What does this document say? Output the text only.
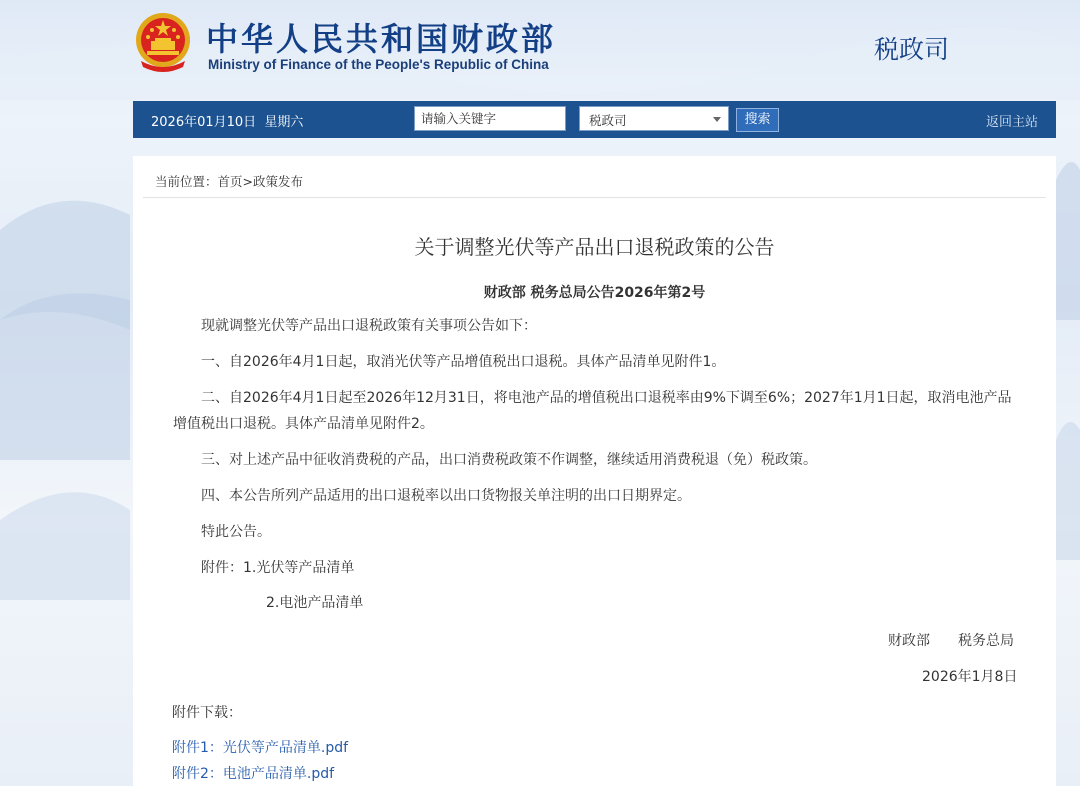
中华人民共和国财政部
Ministry of Finance of the People's Republic of China
税政司
2026年01月10日  星期六
请输入关键字	税政司	搜索	返回主站
当前位置：首页>政策发布
关于调整光伏等产品出口退税政策的公告
财政部 税务总局公告2026年第2号
现就调整光伏等产品出口退税政策有关事项公告如下：
一、自2026年4月1日起，取消光伏等产品增值税出口退税。具体产品清单见附件1。
二、自2026年4月1日起至2026年12月31日，将电池产品的增值税出口退税率由9%下调至6%；2027年1月1日起，取消电池产品增值税出口退税。具体产品清单见附件2。
三、对上述产品中征收消费税的产品，出口消费税政策不作调整，继续适用消费税退（免）税政策。
四、本公告所列产品适用的出口退税率以出口货物报关单注明的出口日期界定。
特此公告。
附件：1.光伏等产品清单
2.电池产品清单
财政部 税务总局
2026年1月8日
附件下载：
附件1：光伏等产品清单.pdf
附件2：电池产品清单.pdf
